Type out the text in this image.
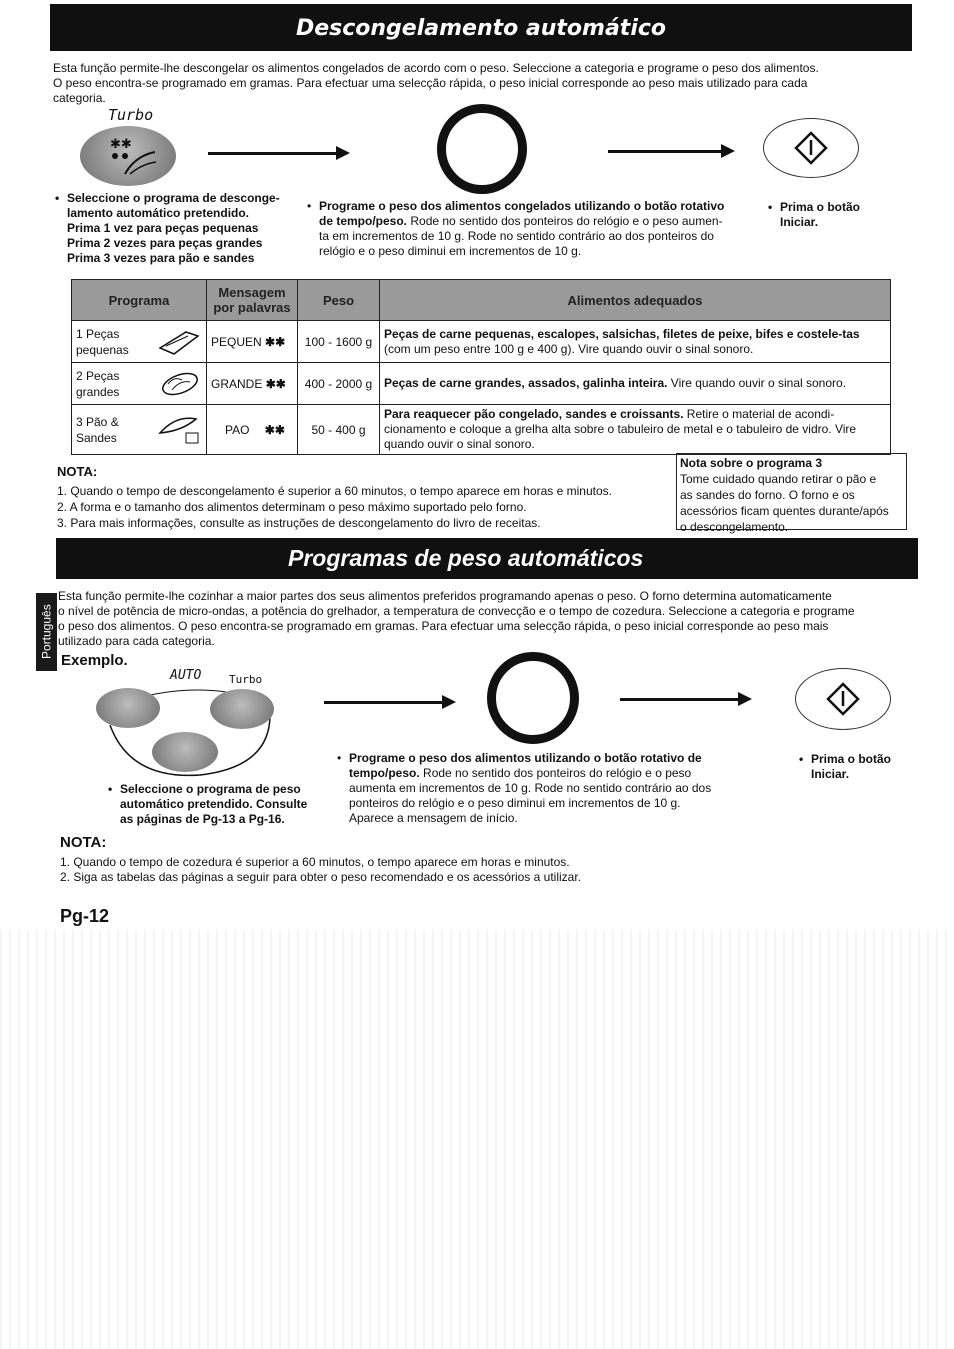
Descongelamento automático
Esta função permite-lhe descongelar os alimentos congelados de acordo com o peso. Seleccione a categoria e programe o peso dos alimentos.
O peso encontra-se programado em gramas. Para efectuar uma selecção rápida, o peso inicial corresponde ao peso mais utilizado para cada
categoria.
Turbo
✱✱
• Seleccione o programa de desconge-
lamento automático pretendido.
Prima 1 vez para peças pequenas
Prima 2 vezes para peças grandes
Prima 3 vezes para pão e sandes
• Programe o peso dos alimentos congelados utilizando o botão rotativo
de tempo/peso. Rode no sentido dos ponteiros do relógio e o peso aumen-
ta em incrementos de 10 g. Rode no sentido contrário ao dos ponteiros do
relógio e o peso diminui em incrementos de 10 g.
• Prima o botão
Iniciar.
Programa	Mensagem por palavras	Peso	Alimentos adequados

1 Peças
pequenas	PEQUEN ✱✱	100 - 1600 g	Peças de carne pequenas, escalopes, salsichas, filetes de peixe, bifes e costele-tas (com um peso entre 100 g e 400 g). Vire quando ouvir o sinal sonoro.

2 Peças
grandes	GRANDE ✱✱	400 - 2000 g	Peças de carne grandes, assados, galinha inteira. Vire quando ouvir o sinal sonoro.

3 Pão &
Sandes	PAO ✱✱	50 - 400 g	Para reaquecer pão congelado, sandes e croissants. Retire o material de acondi-cionamento e coloque a grelha alta sobre o tabuleiro de metal e o tabuleiro de vidro. Vire quando ouvir o sinal sonoro.
NOTA:
1. Quando o tempo de descongelamento é superior a 60 minutos, o tempo aparece em horas e minutos.
2. A forma e o tamanho dos alimentos determinam o peso máximo suportado pelo forno.
3. Para mais informações, consulte as instruções de descongelamento do livro de receitas.
Nota sobre o programa 3
Tome cuidado quando retirar o pão e
as sandes do forno. O forno e os
acessórios ficam quentes durante/após
o descongelamento.
Programas de peso automáticos
Português
Esta função permite-lhe cozinhar a maior partes dos seus alimentos preferidos programando apenas o peso. O forno determina automaticamente
o nível de potência de micro-ondas, a potência do grelhador, a temperatura de convecção e o tempo de cozedura. Seleccione a categoria e programe
o peso dos alimentos. O peso encontra-se programado em gramas. Para efectuar uma selecção rápida, o peso inicial corresponde ao peso mais
utilizado para cada categoria.
Exemplo.
AUTO	Turbo
• Seleccione o programa de peso
automático pretendido. Consulte
as páginas de Pg-13 a Pg-16.
• Programe o peso dos alimentos utilizando o botão rotativo de
tempo/peso. Rode no sentido dos ponteiros do relógio e o peso
aumenta em incrementos de 10 g. Rode no sentido contrário ao dos
ponteiros do relógio e o peso diminui em incrementos de 10 g.
Aparece a mensagem de início.
• Prima o botão
Iniciar.
NOTA:
1. Quando o tempo de cozedura é superior a 60 minutos, o tempo aparece em horas e minutos.
2. Siga as tabelas das páginas a seguir para obter o peso recomendado e os acessórios a utilizar.
Pg-12
